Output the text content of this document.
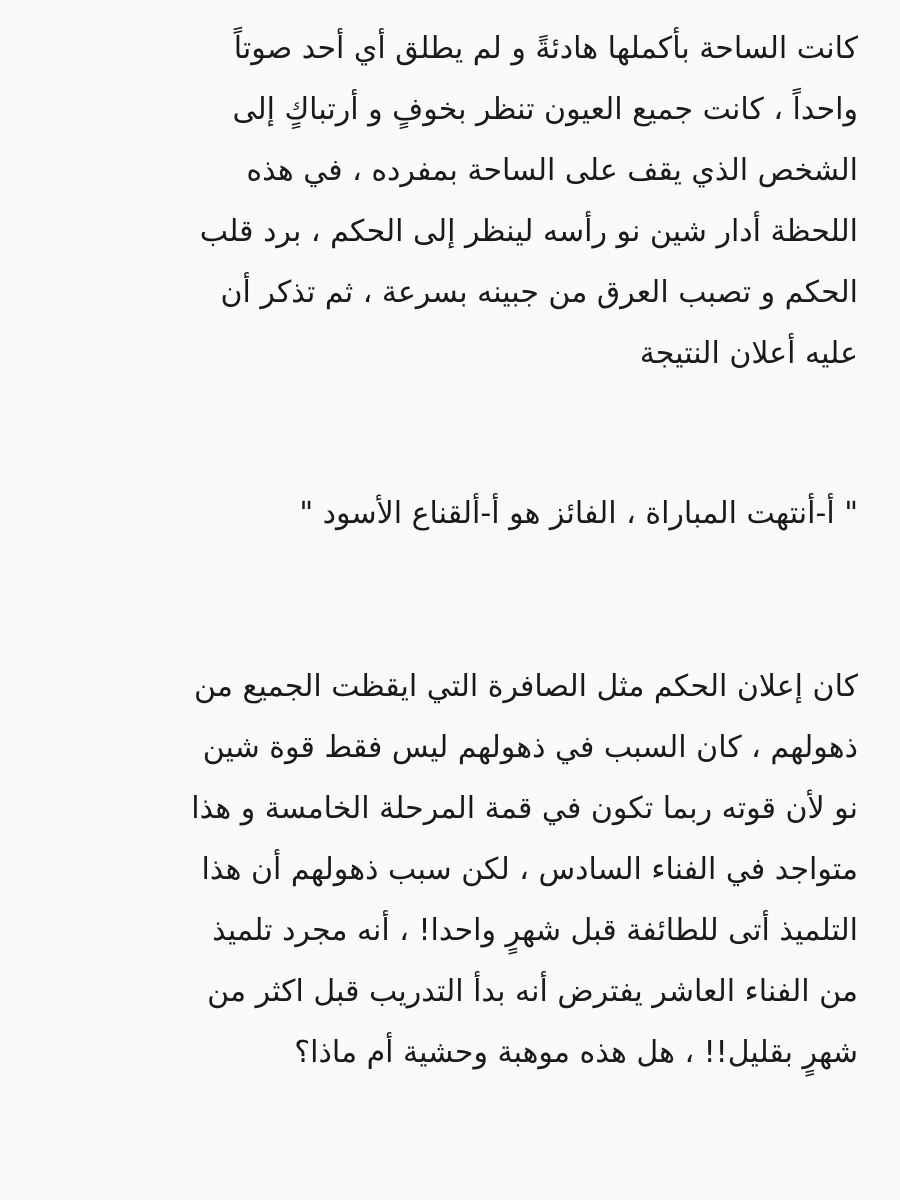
كانت الساحة بأكملها هادئةً و لم يطلق أي أحد صوتاً
واحداً ، كانت جميع العيون تنظر بخوفٍ و أرتباكٍ إلى
الشخص الذي يقف على الساحة بمفرده ، في هذه
اللحظة أدار شين نو رأسه لينظر إلى الحكم ، برد قلب
الحكم و تصبب العرق من جبينه بسرعة ، ثم تذكر أن
عليه أعلان النتيجة

" أ-أنتهت المباراة ، الفائز هو أ-ألقناع الأسود "

كان إعلان الحكم مثل الصافرة التي ايقظت الجميع من
ذهولهم ، كان السبب في ذهولهم ليس فقط قوة شين
نو لأن قوته ربما تكون في قمة المرحلة الخامسة و هذا
متواجد في الفناء السادس ، لكن سبب ذهولهم أن هذا
التلميذ أتى للطائفة قبل شهرٍ واحدا! ، أنه مجرد تلميذ
من الفناء العاشر يفترض أنه بدأ التدريب قبل اكثر من
شهرٍ بقليل!! ، هل هذه موهبة وحشية أم ماذا؟
